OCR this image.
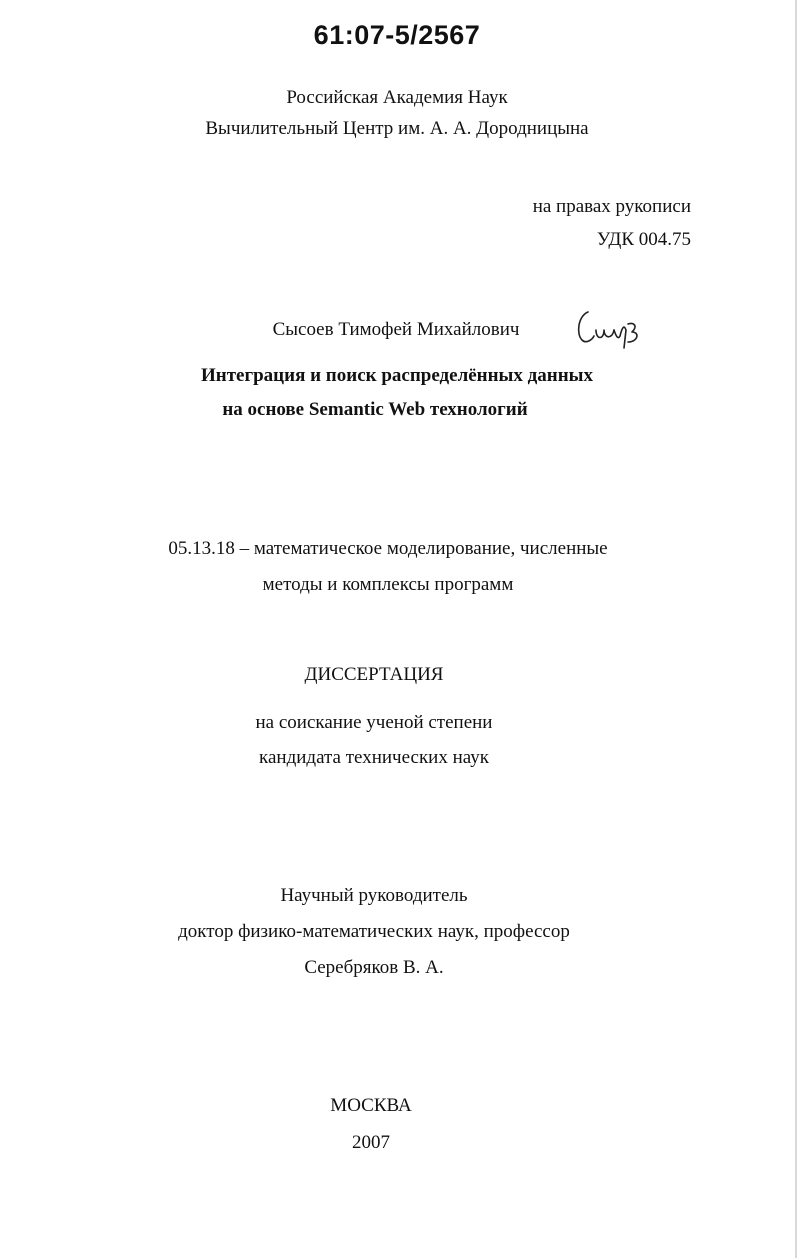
61:07-5/2567
Российская Академия Наук
Вычилительный Центр им. А. А. Дородницына
на правах рукописи
УДК 004.75
Сысоев Тимофей Михайлович
Интеграция и поиск распределённых данных
на основе Semantic Web технологий
05.13.18 – математическое моделирование, численные
методы и комплексы программ
ДИССЕРТАЦИЯ
на соискание ученой степени
кандидата технических наук
Научный руководитель
доктор физико-математических наук, профессор
Серебряков В. А.
МОСКВА
2007
